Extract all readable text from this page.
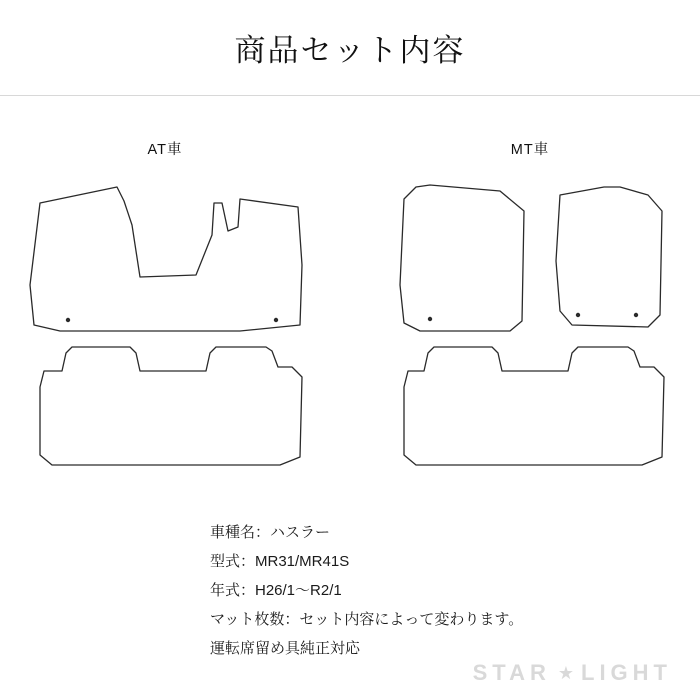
商品セット内容
AT車	MT車
車種名：ハスラー
型式：MR31/MR41S
年式：H26/1〜R2/1
マット枚数：セット内容によって変わります。
運転席留め具純正対応
STAR ★ LIGHT
